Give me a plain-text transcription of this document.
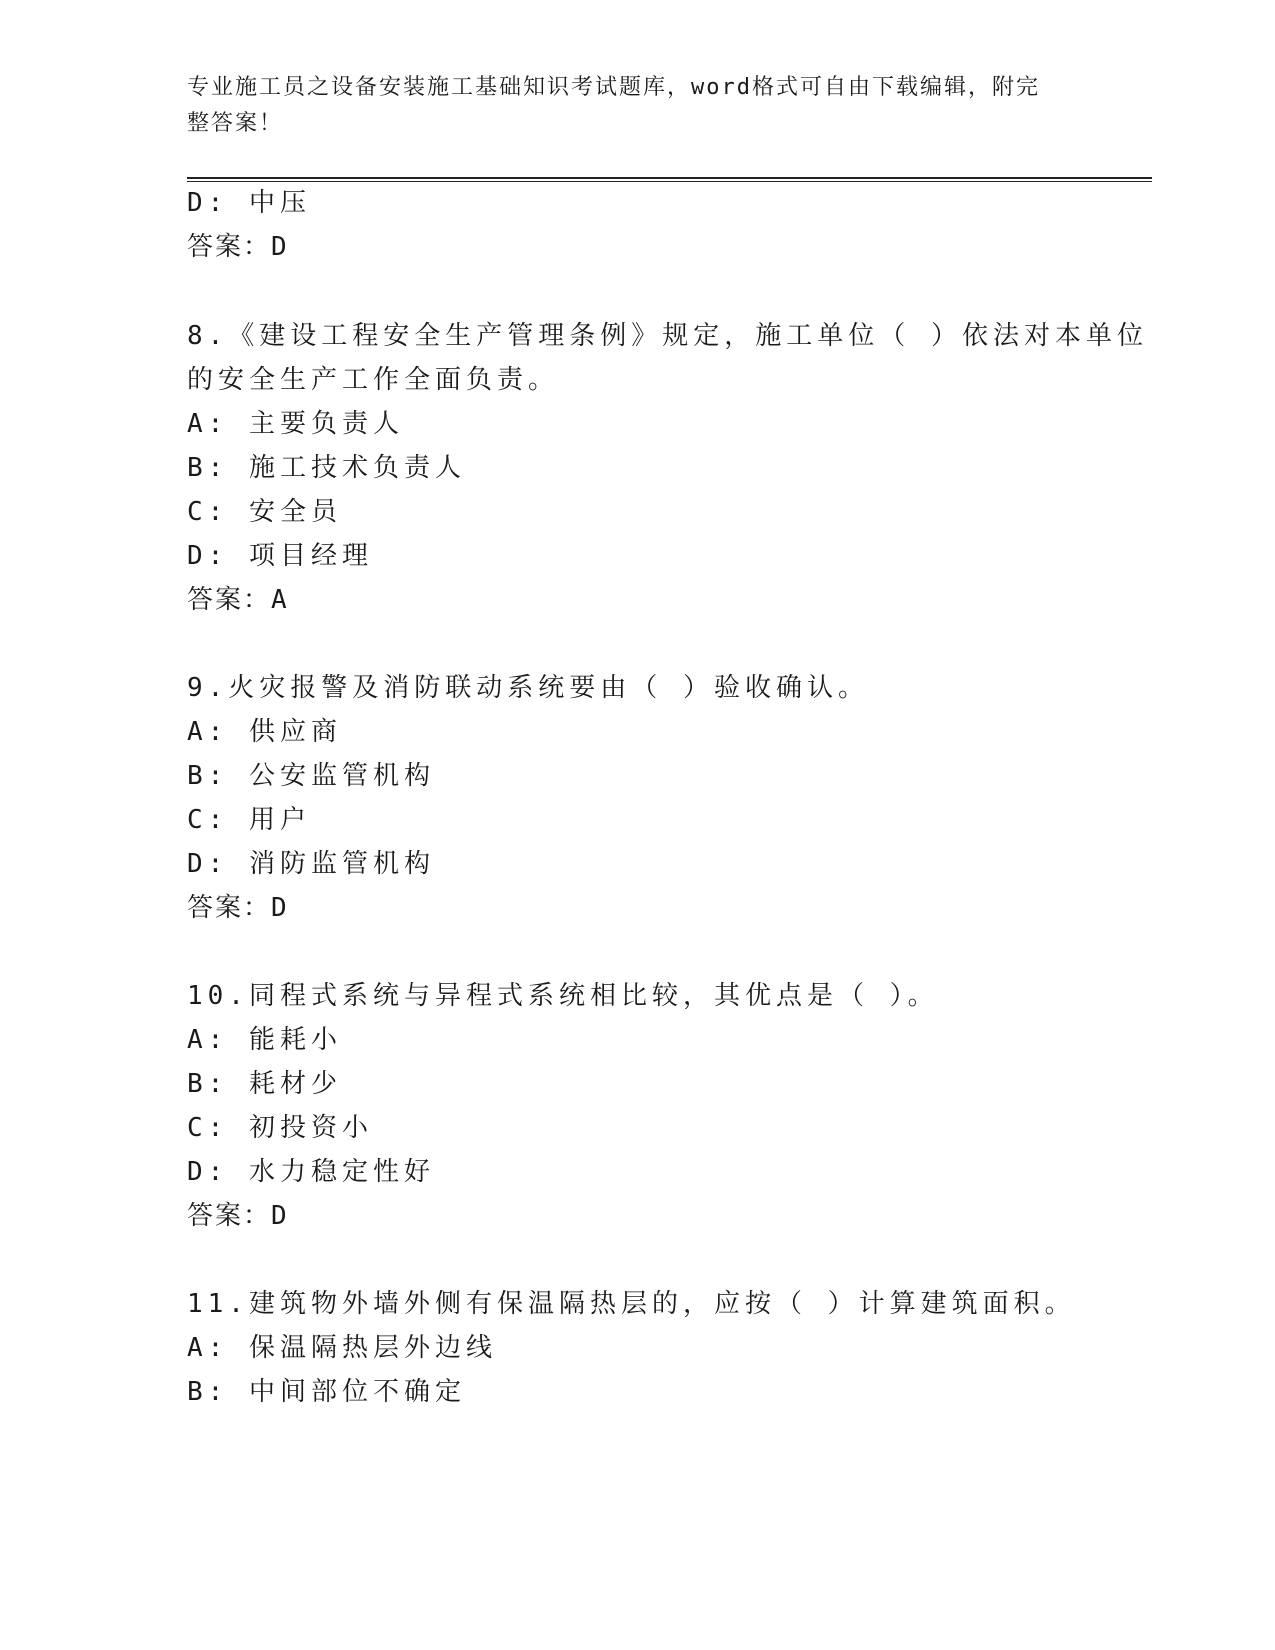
专业施工员之设备安装施工基础知识考试题库，word格式可自由下载编辑，附完
整答案！
D: 中压
答案：D
8.《建设工程安全生产管理条例》规定，施工单位（ ）依法对本单位
的安全生产工作全面负责。
A: 主要负责人
B: 施工技术负责人
C: 安全员
D: 项目经理
答案：A
9.火灾报警及消防联动系统要由（ ）验收确认。
A: 供应商
B: 公安监管机构
C: 用户
D: 消防监管机构
答案：D
10.同程式系统与异程式系统相比较，其优点是（ ）。
A: 能耗小
B: 耗材少
C: 初投资小
D: 水力稳定性好
答案：D
11.建筑物外墙外侧有保温隔热层的，应按（ ）计算建筑面积。
A: 保温隔热层外边线
B: 中间部位不确定
